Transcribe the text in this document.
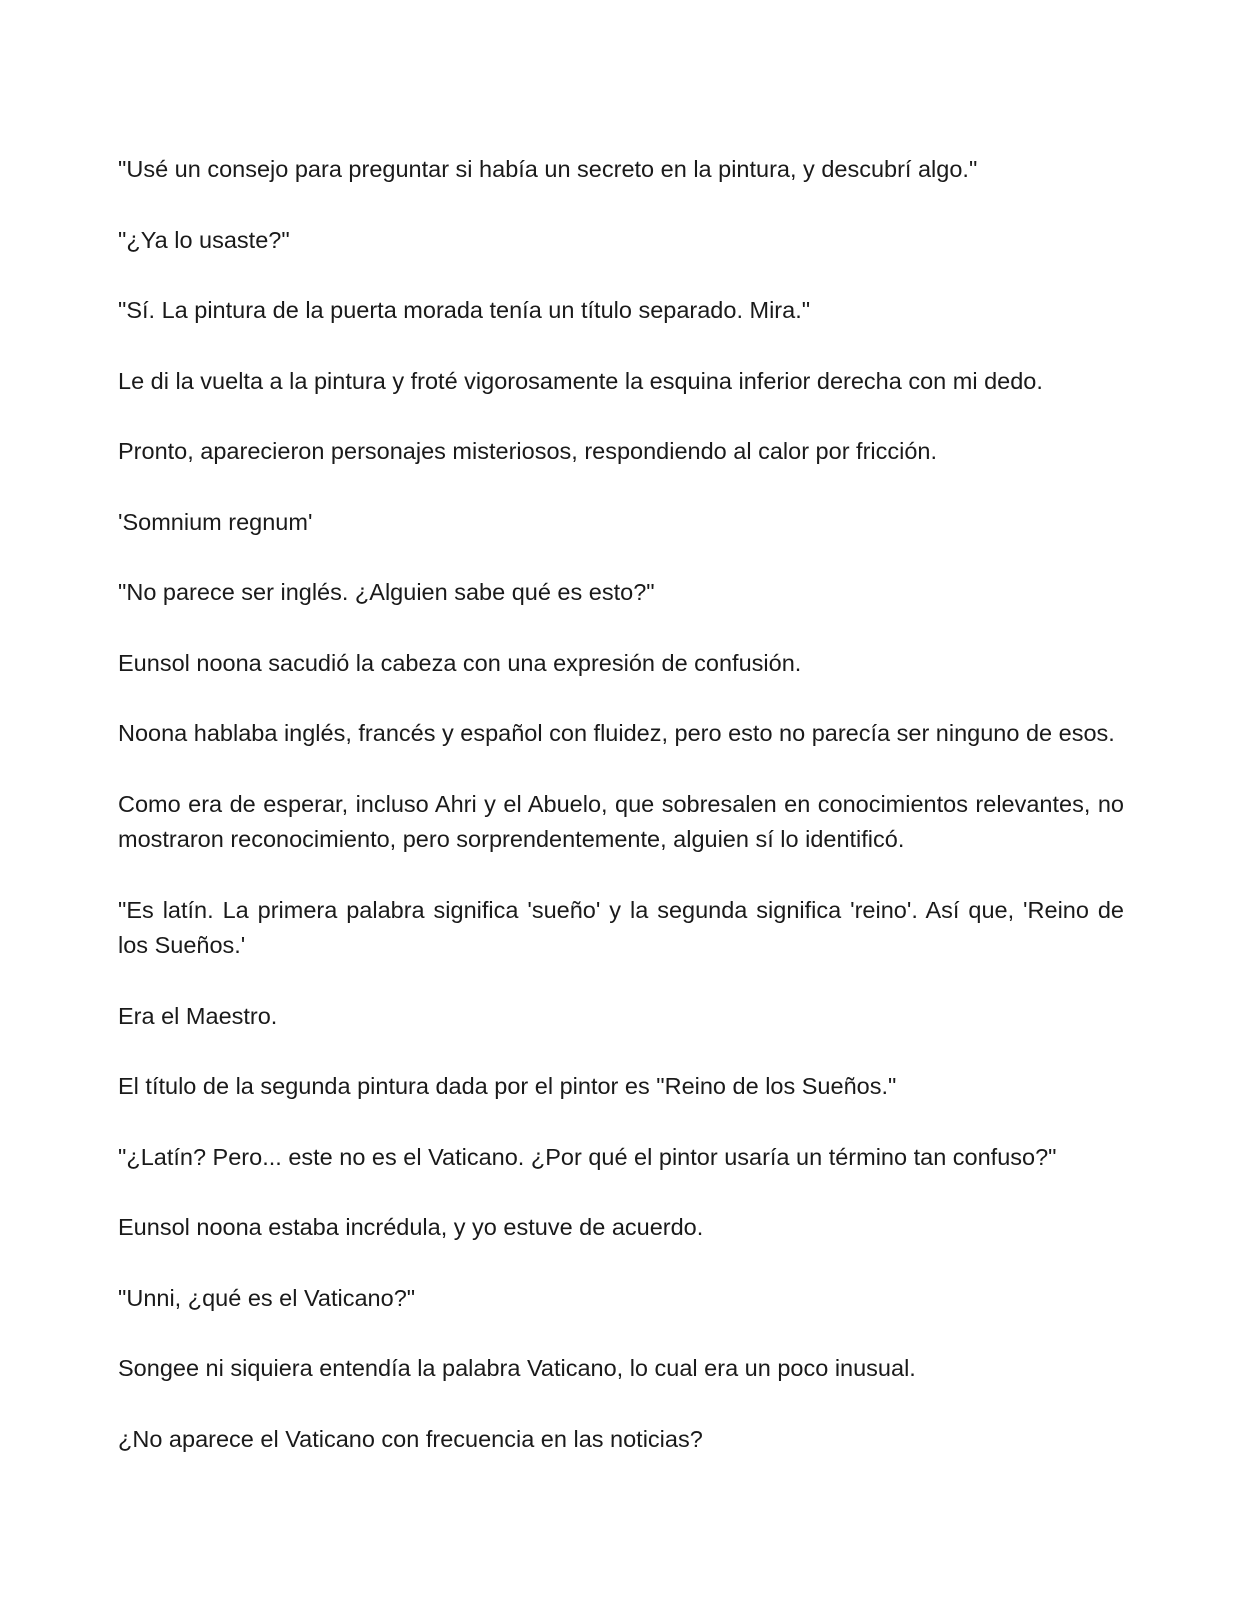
"Usé un consejo para preguntar si había un secreto en la pintura, y descubrí algo."

"¿Ya lo usaste?"

"Sí. La pintura de la puerta morada tenía un título separado. Mira."

Le di la vuelta a la pintura y froté vigorosamente la esquina inferior derecha con mi dedo.

Pronto, aparecieron personajes misteriosos, respondiendo al calor por fricción.

'Somnium regnum'

"No parece ser inglés. ¿Alguien sabe qué es esto?"

Eunsol noona sacudió la cabeza con una expresión de confusión.

Noona hablaba inglés, francés y español con fluidez, pero esto no parecía ser ninguno de esos.

Como era de esperar, incluso Ahri y el Abuelo, que sobresalen en conocimientos relevantes, no mostraron reconocimiento, pero sorprendentemente, alguien sí lo identificó.

"Es latín. La primera palabra significa 'sueño' y la segunda significa 'reino'. Así que, 'Reino de los Sueños.'

Era el Maestro.

El título de la segunda pintura dada por el pintor es "Reino de los Sueños."

"¿Latín? Pero... este no es el Vaticano. ¿Por qué el pintor usaría un término tan confuso?"

Eunsol noona estaba incrédula, y yo estuve de acuerdo.

"Unni, ¿qué es el Vaticano?"

Songee ni siquiera entendía la palabra Vaticano, lo cual era un poco inusual.

¿No aparece el Vaticano con frecuencia en las noticias?
